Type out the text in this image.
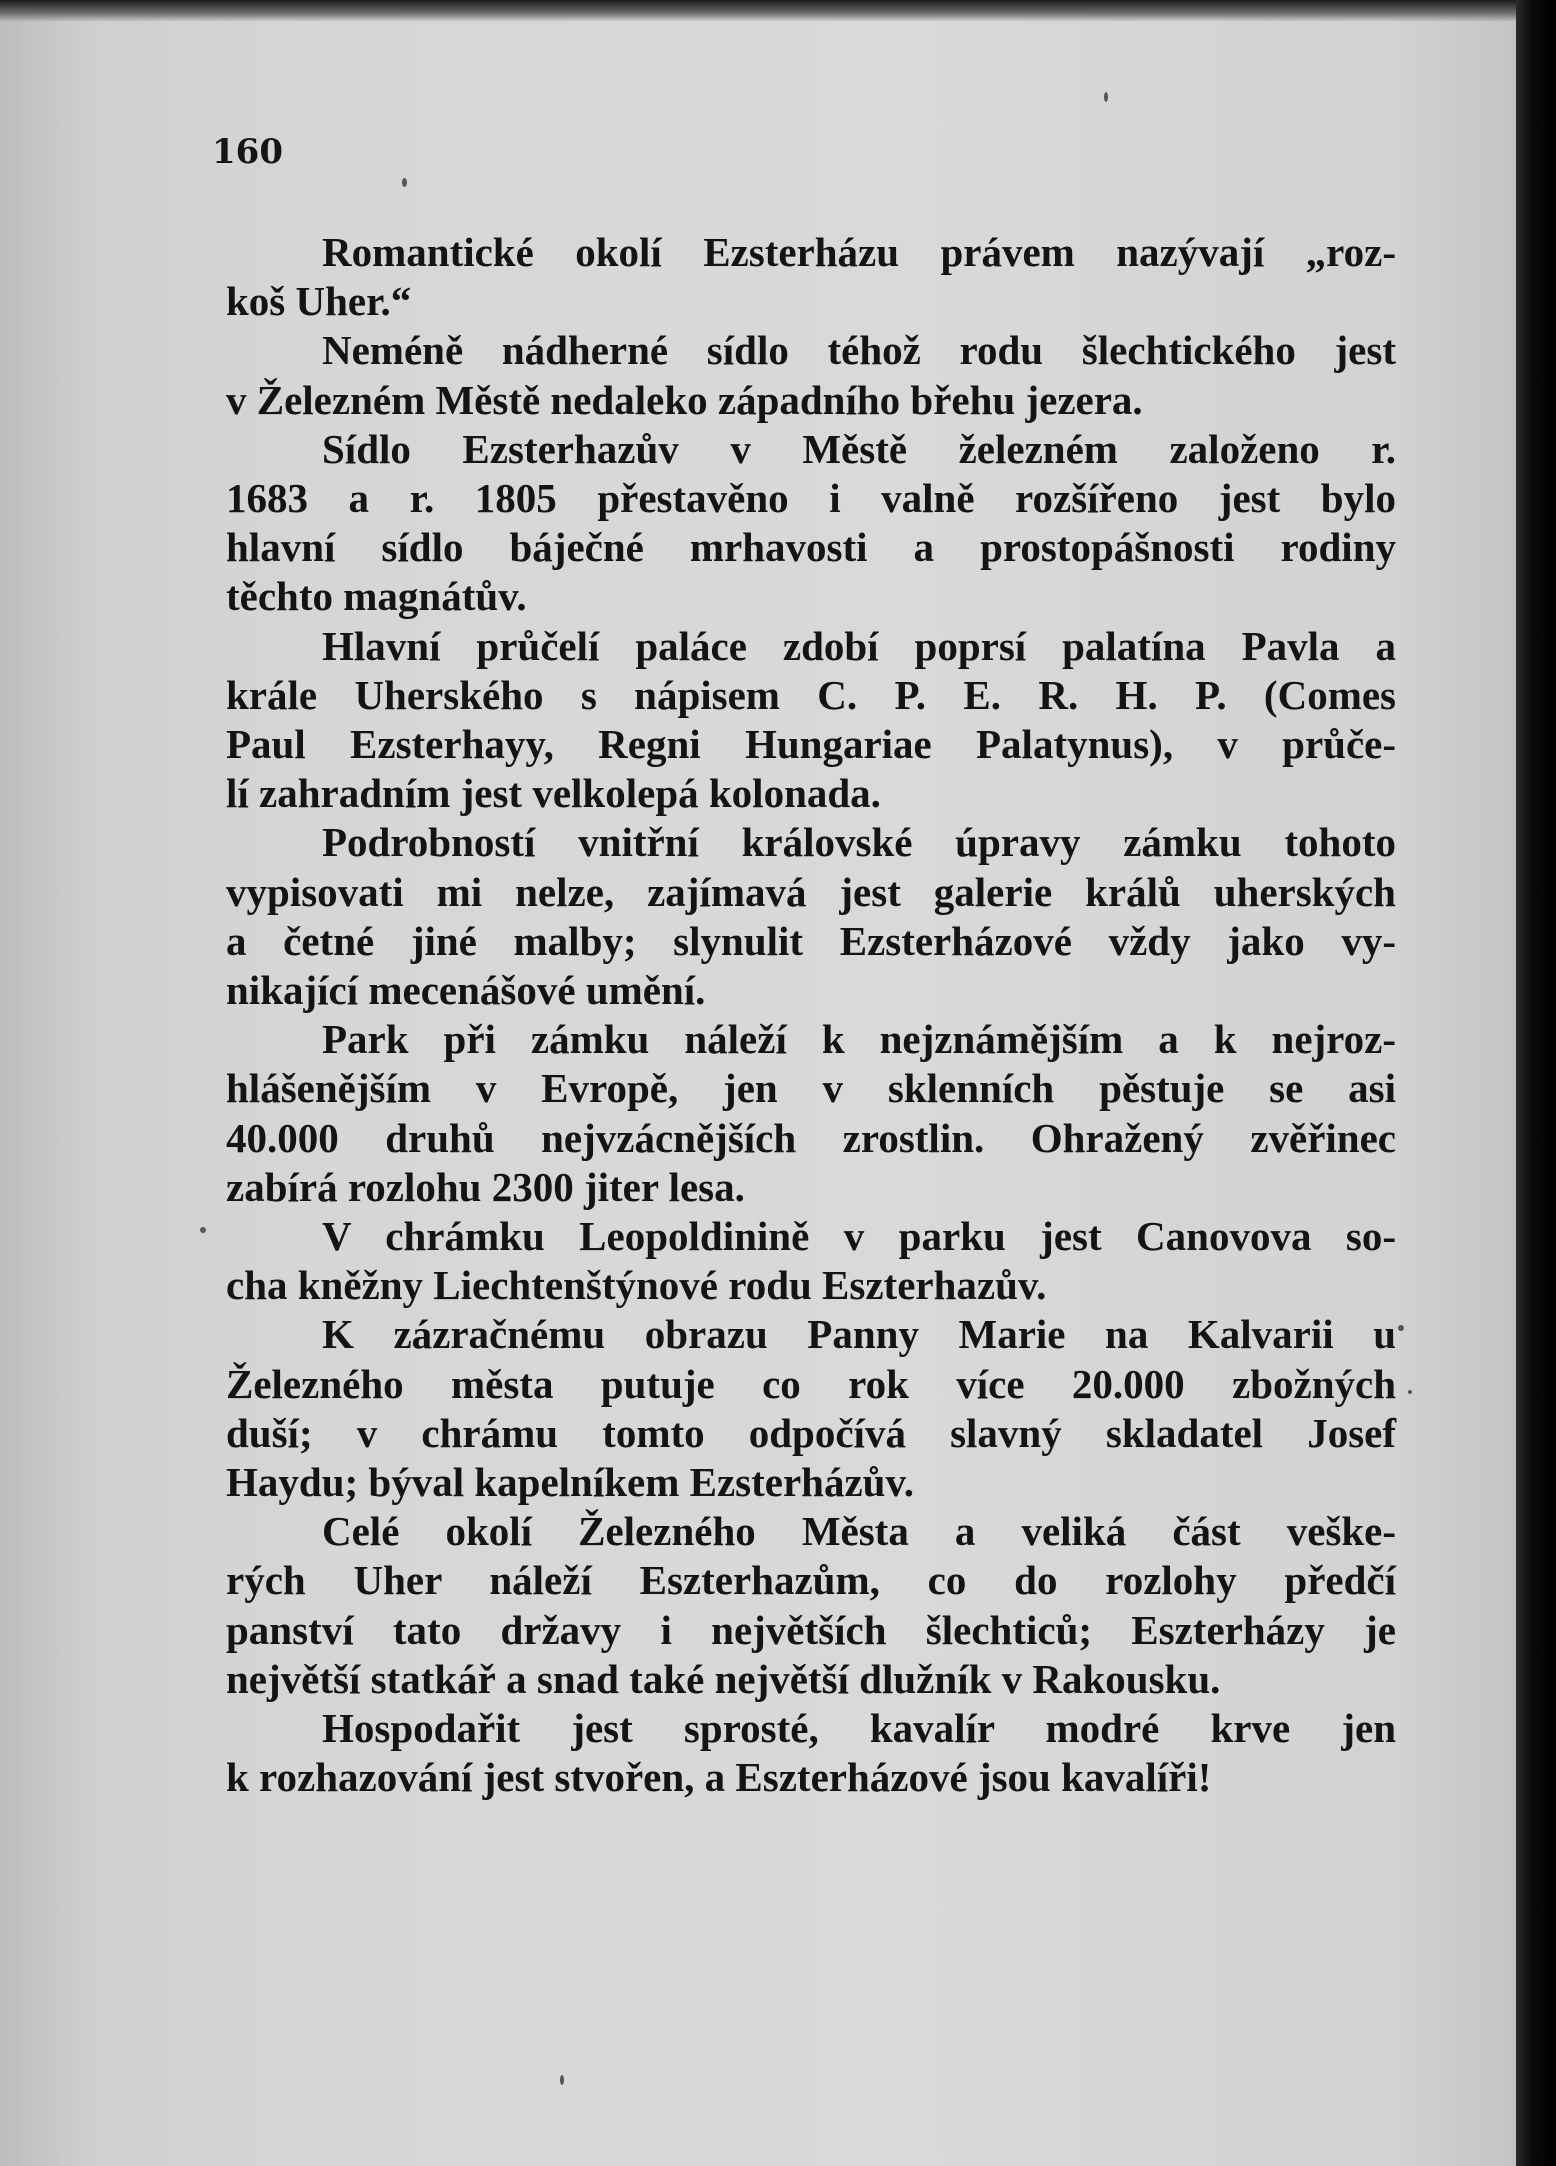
160
Romantické okolí Ezsterházu právem nazývají „roz-
koš Uher.“
Neméně nádherné sídlo téhož rodu šlechtického jest
v Železném Městě nedaleko západního břehu jezera.
Sídlo Ezsterhazův v Městě železném založeno r.
1683 a r. 1805 přestavěno i valně rozšířeno jest bylo
hlavní sídlo báječné mrhavosti a prostopášnosti rodiny
těchto magnátův.
Hlavní průčelí paláce zdobí poprsí palatína Pavla a
krále Uherského s nápisem C. P. E. R. H. P. (Comes
Paul Ezsterhayy, Regni Hungariae Palatynus), v průče-
lí zahradním jest velkolepá kolonada.
Podrobností vnitřní královské úpravy zámku tohoto
vypisovati mi nelze, zajímavá jest galerie králů uherských
a četné jiné malby; slynulit Ezsterházové vždy jako vy-
nikající mecenášové umění.
Park při zámku náleží k nejznámějším a k nejroz-
hlášenějším v Evropě, jen v sklenních pěstuje se asi
40.000 druhů nejvzácnějších zrostlin. Ohražený zvěřinec
zabírá rozlohu 2300 jiter lesa.
V chrámku Leopoldinině v parku jest Canovova so-
cha kněžny Liechtenštýnové rodu Eszterhazův.
K zázračnému obrazu Panny Marie na Kalvarii u
Železného města putuje co rok více 20.000 zbožných
duší; v chrámu tomto odpočívá slavný skladatel Josef
Haydu; býval kapelníkem Ezsterházův.
Celé okolí Železného Města a veliká část veške-
rých Uher náleží Eszterhazům, co do rozlohy předčí
panství tato državy i největších šlechticů; Eszterházy je
největší statkář a snad také největší dlužník v Rakousku.
Hospodařit jest sprosté, kavalír modré krve jen
k rozhazování jest stvořen, a Eszterházové jsou kavalíři!
